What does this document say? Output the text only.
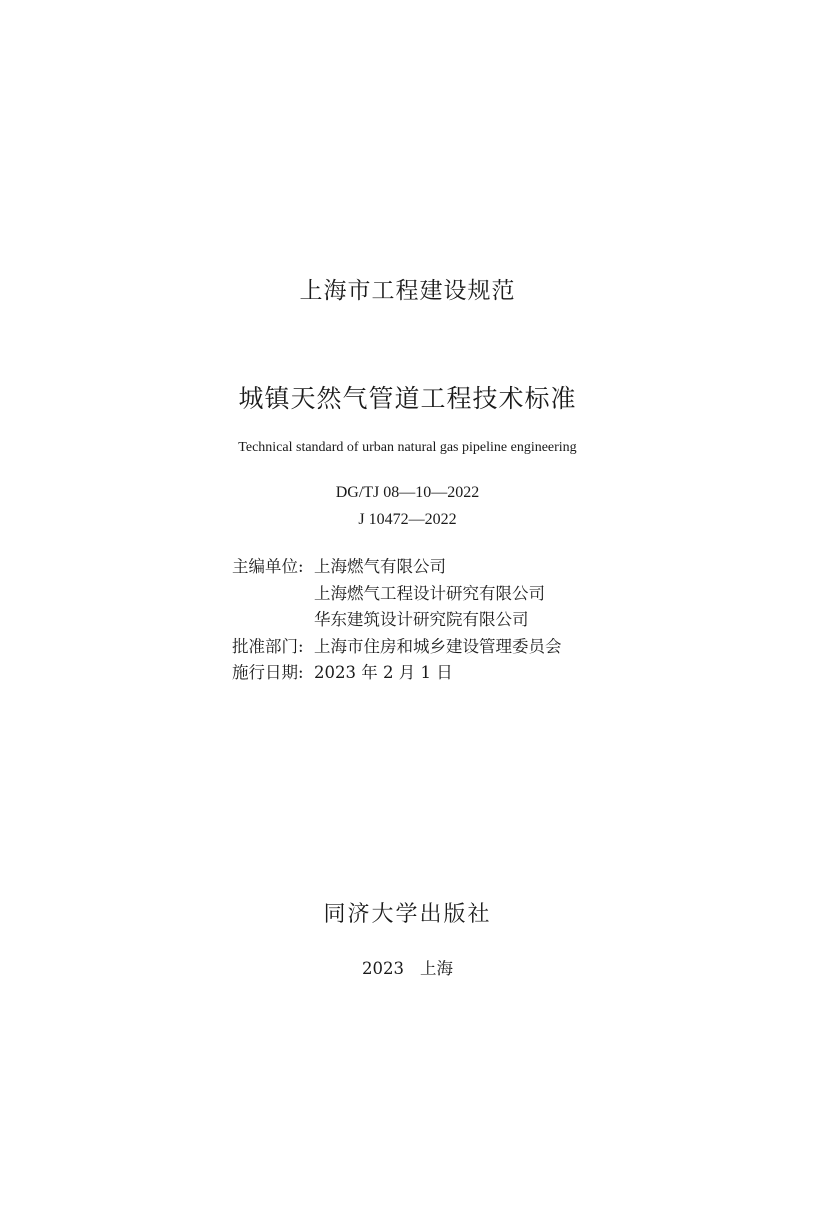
上海市工程建设规范
城镇天然气管道工程技术标准
Technical standard of urban natural gas pipeline engineering
DG/TJ 08—10—2022
J 10472—2022
主编单位: 上海燃气有限公司
上海燃气工程设计研究有限公司
华东建筑设计研究院有限公司
批准部门: 上海市住房和城乡建设管理委员会
施行日期: 2023 年 2 月 1 日
同济大学出版社
2023 上海
